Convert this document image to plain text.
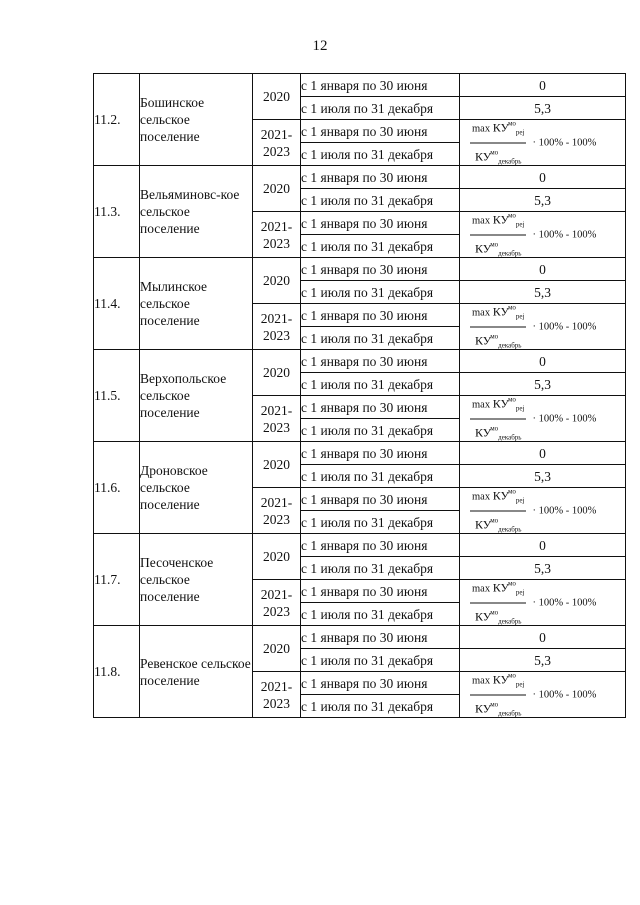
12
11.2.	Бошинское сельское поселение	2020	с 1 января по 30 июня	0
			с 1 июля по 31 декабря	5,3
		2021-2023	с 1 января по 30 июня	$\frac{\max КУ^{мо}_{реj}}{КУ^{мо}_{декабрь}} \cdot 100\% - 100\%$

			с 1 июля по 31 декабря	
11.3.	Вельяминовс-кое сельское поселение	2020	с 1 января по 30 июня	0
			с 1 июля по 31 декабря	5,3
		2021-2023	с 1 января по 30 июня	$\frac{\max КУ^{мо}_{реj}}{КУ^{мо}_{декабрь}} \cdot 100\% - 100\%$

			с 1 июля по 31 декабря	
11.4.	Мылинское сельское поселение	2020	с 1 января по 30 июня	0
			с 1 июля по 31 декабря	5,3
		2021-2023	с 1 января по 30 июня	$\frac{\max КУ^{мо}_{реj}}{КУ^{мо}_{декабрь}} \cdot 100\% - 100\%$

			с 1 июля по 31 декабря	
11.5.	Верхопольское сельское поселение	2020	с 1 января по 30 июня	0
			с 1 июля по 31 декабря	5,3
		2021-2023	с 1 января по 30 июня	$\frac{\max КУ^{мо}_{реj}}{КУ^{мо}_{декабрь}} \cdot 100\% - 100\%$

			с 1 июля по 31 декабря	
11.6.	Дроновское сельское поселение	2020	с 1 января по 30 июня	0
			с 1 июля по 31 декабря	5,3
		2021-2023	с 1 января по 30 июня	$\frac{\max КУ^{мо}_{реj}}{КУ^{мо}_{декабрь}} \cdot 100\% - 100\%$

			с 1 июля по 31 декабря	
11.7.	Песоченское сельское поселение	2020	с 1 января по 30 июня	0
			с 1 июля по 31 декабря	5,3
		2021-2023	с 1 января по 30 июня	$\frac{\max КУ^{мо}_{реj}}{КУ^{мо}_{декабрь}} \cdot 100\% - 100\%$

			с 1 июля по 31 декабря	
11.8.	Ревенское сельское поселение	2020	с 1 января по 30 июня	0
			с 1 июля по 31 декабря	5,3
		2021-2023	с 1 января по 30 июня	$\frac{\max КУ^{мо}_{реj}}{КУ^{мо}_{декабрь}} \cdot 100\% - 100\%$

			с 1 июля по 31 декабря	
